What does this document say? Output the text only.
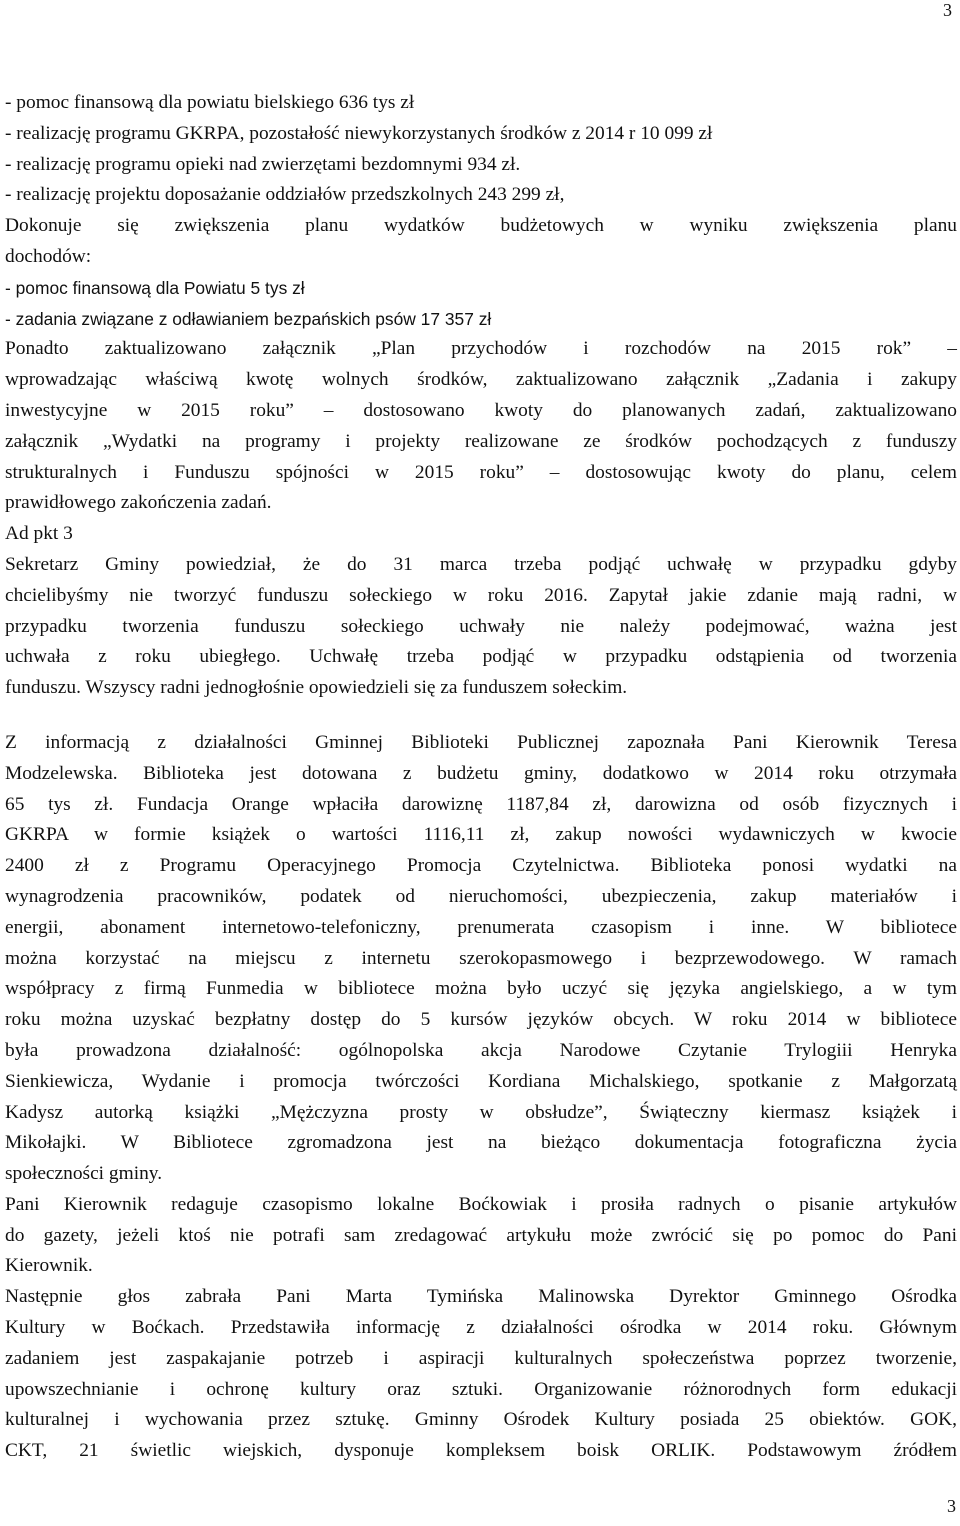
3
- pomoc finansową dla powiatu bielskiego 636 tys zł
- realizację programu GKRPA, pozostałość niewykorzystanych środków z 2014 r 10 099 zł
- realizację programu opieki nad zwierzętami bezdomnymi 934 zł.
- realizację projektu doposażanie oddziałów przedszkolnych 243 299 zł,
Dokonuje się zwiększenia planu wydatków budżetowych w wyniku zwiększenia planu
dochodów:
- pomoc finansową dla Powiatu 5 tys zł
- zadania związane z odławianiem bezpańskich psów 17 357 zł
Ponadto zaktualizowano załącznik „Plan przychodów i rozchodów na 2015 rok” –
wprowadzając właściwą kwotę wolnych środków, zaktualizowano załącznik „Zadania i zakupy
inwestycyjne w 2015 roku” – dostosowano kwoty do planowanych zadań, zaktualizowano
załącznik „Wydatki na programy i projekty realizowane ze środków pochodzących z funduszy
strukturalnych i Funduszu spójności w 2015 roku” – dostosowując kwoty do planu, celem
prawidłowego zakończenia zadań.
Ad pkt 3
Sekretarz Gminy powiedział, że do 31 marca trzeba podjąć uchwałę w przypadku gdyby
chcielibyśmy nie tworzyć funduszu sołeckiego w roku 2016. Zapytał jakie zdanie mają radni, w
przypadku tworzenia funduszu sołeckiego uchwały nie należy podejmować, ważna jest
uchwała z roku ubiegłego. Uchwałę trzeba podjąć w przypadku odstąpienia od tworzenia
funduszu. Wszyscy radni jednogłośnie opowiedzieli się za funduszem sołeckim.
Z informacją z działalności Gminnej Biblioteki Publicznej zapoznała Pani Kierownik Teresa
Modzelewska. Biblioteka jest dotowana z budżetu gminy, dodatkowo w 2014 roku otrzymała
65 tys zł. Fundacja Orange wpłaciła darowiznę 1187,84 zł, darowizna od osób fizycznych i
GKRPA w formie książek o wartości 1116,11 zł, zakup nowości wydawniczych w kwocie
2400 zł z Programu Operacyjnego Promocja Czytelnictwa. Biblioteka ponosi wydatki na
wynagrodzenia pracowników, podatek od nieruchomości, ubezpieczenia, zakup materiałów i
energii, abonament internetowo-telefoniczny, prenumerata czasopism i inne. W bibliotece
można korzystać na miejscu z internetu szerokopasmowego i bezprzewodowego. W ramach
współpracy z firmą Funmedia w bibliotece można było uczyć się języka angielskiego, a w tym
roku można uzyskać bezpłatny dostęp do 5 kursów języków obcych. W roku 2014 w bibliotece
była prowadzona działalność: ogólnopolska akcja Narodowe Czytanie Trylogiii Henryka
Sienkiewicza, Wydanie i promocja twórczości Kordiana Michalskiego, spotkanie z Małgorzatą
Kadysz autorką książki „Mężczyzna prosty w obsłudze”, Świąteczny kiermasz książek i
Mikołajki. W Bibliotece zgromadzona jest na bieżąco dokumentacja fotograficzna życia
społeczności gminy.
Pani Kierownik redaguje czasopismo lokalne Boćkowiak i prosiła radnych o pisanie artykułów
do gazety, jeżeli ktoś nie potrafi sam zredagować artykułu może zwrócić się po pomoc do Pani
Kierownik.
Następnie głos zabrała Pani Marta Tymińska Malinowska Dyrektor Gminnego Ośrodka
Kultury w Boćkach. Przedstawiła informację z działalności ośrodka w 2014 roku. Głównym
zadaniem jest zaspakajanie potrzeb i aspiracji kulturalnych społeczeństwa poprzez tworzenie,
upowszechnianie i ochronę kultury oraz sztuki. Organizowanie różnorodnych form edukacji
kulturalnej i wychowania przez sztukę. Gminny Ośrodek Kultury posiada 25 obiektów. GOK,
CKT, 21 świetlic wiejskich, dysponuje kompleksem boisk ORLIK. Podstawowym źródłem
3
